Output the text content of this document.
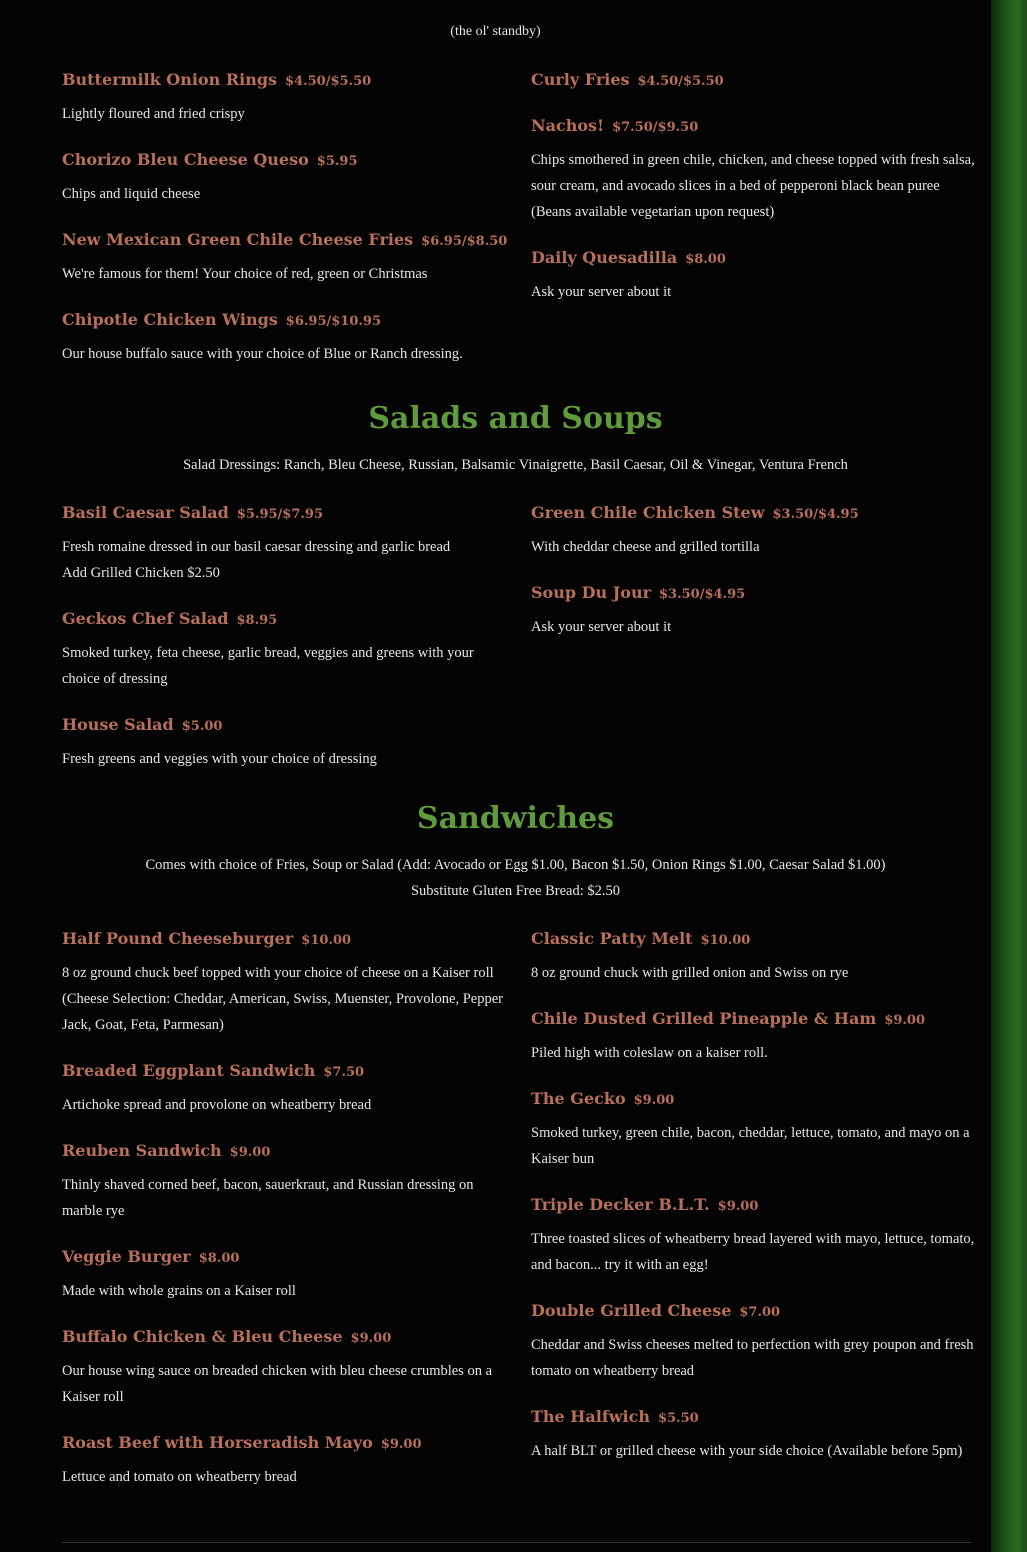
(the ol' standby)
Buttermilk Onion Rings $4.50/$5.50
Lightly floured and fried crispy
Chorizo Bleu Cheese Queso $5.95
Chips and liquid cheese
New Mexican Green Chile Cheese Fries $6.95/$8.50
We're famous for them! Your choice of red, green or Christmas
Chipotle Chicken Wings $6.95/$10.95
Our house buffalo sauce with your choice of Blue or Ranch dressing.
Curly Fries $4.50/$5.50
Nachos! $7.50/$9.50
Chips smothered in green chile, chicken, and cheese topped with fresh salsa, sour cream, and avocado slices in a bed of pepperoni black bean puree (Beans available vegetarian upon request)
Daily Quesadilla $8.00
Ask your server about it
Salads and Soups
Salad Dressings: Ranch, Bleu Cheese, Russian, Balsamic Vinaigrette, Basil Caesar, Oil & Vinegar, Ventura French
Basil Caesar Salad $5.95/$7.95
Fresh romaine dressed in our basil caesar dressing and garlic bread
Add Grilled Chicken $2.50
Geckos Chef Salad $8.95
Smoked turkey, feta cheese, garlic bread, veggies and greens with your choice of dressing
House Salad $5.00
Fresh greens and veggies with your choice of dressing
Green Chile Chicken Stew $3.50/$4.95
With cheddar cheese and grilled tortilla
Soup Du Jour $3.50/$4.95
Ask your server about it
Sandwiches
Comes with choice of Fries, Soup or Salad (Add: Avocado or Egg $1.00, Bacon $1.50, Onion Rings $1.00, Caesar Salad $1.00)
Substitute Gluten Free Bread: $2.50
Half Pound Cheeseburger $10.00
8 oz ground chuck beef topped with your choice of cheese on a Kaiser roll (Cheese Selection: Cheddar, American, Swiss, Muenster, Provolone, Pepper Jack, Goat, Feta, Parmesan)
Breaded Eggplant Sandwich $7.50
Artichoke spread and provolone on wheatberry bread
Reuben Sandwich $9.00
Thinly shaved corned beef, bacon, sauerkraut, and Russian dressing on marble rye
Veggie Burger $8.00
Made with whole grains on a Kaiser roll
Buffalo Chicken & Bleu Cheese $9.00
Our house wing sauce on breaded chicken with bleu cheese crumbles on a Kaiser roll
Roast Beef with Horseradish Mayo $9.00
Lettuce and tomato on wheatberry bread
Classic Patty Melt $10.00
8 oz ground chuck with grilled onion and Swiss on rye
Chile Dusted Grilled Pineapple & Ham $9.00
Piled high with coleslaw on a kaiser roll.
The Gecko $9.00
Smoked turkey, green chile, bacon, cheddar, lettuce, tomato, and mayo on a Kaiser bun
Triple Decker B.L.T. $9.00
Three toasted slices of wheatberry bread layered with mayo, lettuce, tomato, and bacon... try it with an egg!
Double Grilled Cheese $7.00
Cheddar and Swiss cheeses melted to perfection with grey poupon and fresh tomato on wheatberry bread
The Halfwich $5.50
A half BLT or grilled cheese with your side choice (Available before 5pm)
